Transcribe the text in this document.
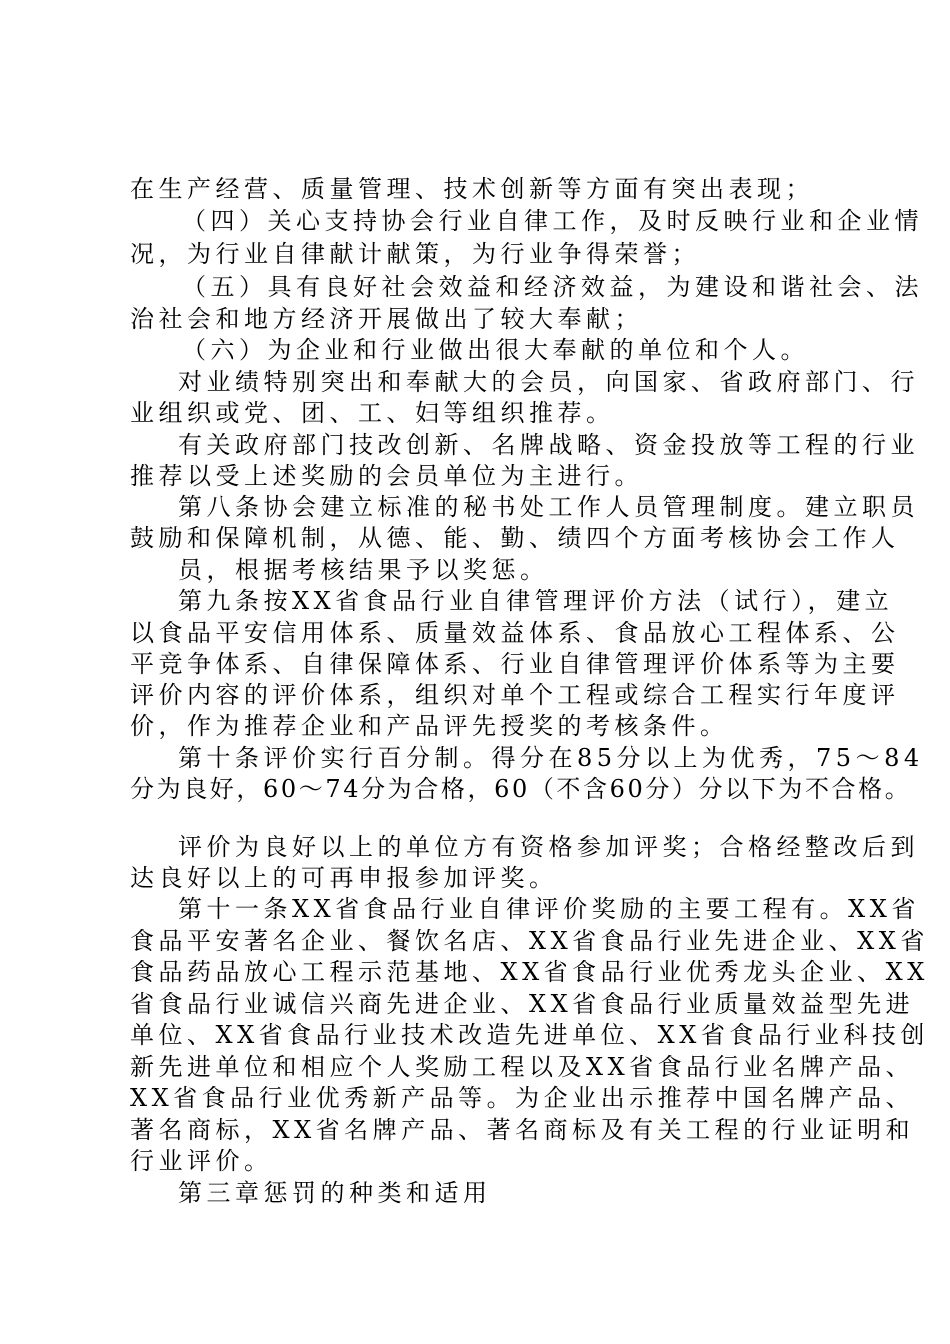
在生产经营、质量管理、技术创新等方面有突出表现；

（四）关心支持协会行业自律工作，及时反映行业和企业情

况，为行业自律献计献策，为行业争得荣誉；

（五）具有良好社会效益和经济效益，为建设和谐社会、法

治社会和地方经济开展做出了较大奉献；

（六）为企业和行业做出很大奉献的单位和个人。

对业绩特别突出和奉献大的会员，向国家、省政府部门、行

业组织或党、团、工、妇等组织推荐。

有关政府部门技改创新、名牌战略、资金投放等工程的行业

推荐以受上述奖励的会员单位为主进行。

第八条协会建立标准的秘书处工作人员管理制度。建立职员

鼓励和保障机制，从德、能、勤、绩四个方面考核协会工作人

员，根据考核结果予以奖惩。

第九条按XX省食品行业自律管理评价方法（试行），建立

以食品平安信用体系、质量效益体系、食品放心工程体系、公

平竞争体系、自律保障体系、行业自律管理评价体系等为主要

评价内容的评价体系，组织对单个工程或综合工程实行年度评

价，作为推荐企业和产品评先授奖的考核条件。

第十条评价实行百分制。得分在85分以上为优秀，75～84

分为良好，60～74分为合格，60（不含60分）分以下为不合格。

评价为良好以上的单位方有资格参加评奖；合格经整改后到

达良好以上的可再申报参加评奖。

第十一条XX省食品行业自律评价奖励的主要工程有。XX省

食品平安著名企业、餐饮名店、XX省食品行业先进企业、XX省

食品药品放心工程示范基地、XX省食品行业优秀龙头企业、XX

省食品行业诚信兴商先进企业、XX省食品行业质量效益型先进

单位、XX省食品行业技术改造先进单位、XX省食品行业科技创

新先进单位和相应个人奖励工程以及XX省食品行业名牌产品、

XX省食品行业优秀新产品等。为企业出示推荐中国名牌产品、

著名商标，XX省名牌产品、著名商标及有关工程的行业证明和

行业评价。

第三章惩罚的种类和适用
